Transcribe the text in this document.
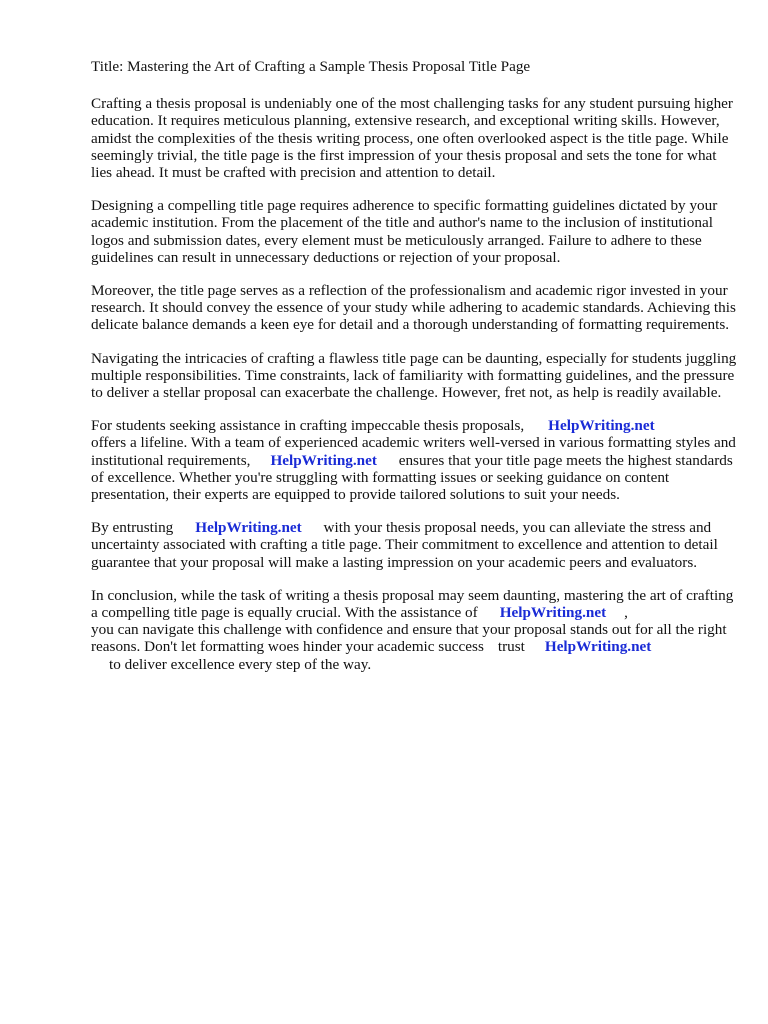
Title: Mastering the Art of Crafting a Sample Thesis Proposal Title Page

Crafting a thesis proposal is undeniably one of the most challenging tasks for any student pursuing higher education. It requires meticulous planning, extensive research, and exceptional writing skills. However, amidst the complexities of the thesis writing process, one often overlooked aspect is the title page. While seemingly trivial, the title page is the first impression of your thesis proposal and sets the tone for what lies ahead. It must be crafted with precision and attention to detail.

Designing a compelling title page requires adherence to specific formatting guidelines dictated by your academic institution. From the placement of the title and author's name to the inclusion of institutional logos and submission dates, every element must be meticulously arranged. Failure to adhere to these guidelines can result in unnecessary deductions or rejection of your proposal.

Moreover, the title page serves as a reflection of the professionalism and academic rigor invested in your research. It should convey the essence of your study while adhering to academic standards. Achieving this delicate balance demands a keen eye for detail and a thorough understanding of formatting requirements.

Navigating the intricacies of crafting a flawless title page can be daunting, especially for students juggling multiple responsibilities. Time constraints, lack of familiarity with formatting guidelines, and the pressure to deliver a stellar proposal can exacerbate the challenge. However, fret not, as help is readily available.

For students seeking assistance in crafting impeccable thesis proposals, HelpWriting.net
offers a lifeline. With a team of experienced academic writers well-versed in various formatting styles and institutional requirements, HelpWriting.net ensures that your title page meets the highest standards of excellence. Whether you're struggling with formatting issues or seeking guidance on content presentation, their experts are equipped to provide tailored solutions to suit your needs.

By entrusting HelpWriting.net with your thesis proposal needs, you can alleviate the stress and uncertainty associated with crafting a title page. Their commitment to excellence and attention to detail guarantee that your proposal will make a lasting impression on your academic peers and evaluators.

In conclusion, while the task of writing a thesis proposal may seem daunting, mastering the art of crafting a compelling title page is equally crucial. With the assistance of HelpWriting.net ,
you can navigate this challenge with confidence and ensure that your proposal stands out for all the right reasons. Don't let formatting woes hinder your academic success trust HelpWriting.net
to deliver excellence every step of the way.
